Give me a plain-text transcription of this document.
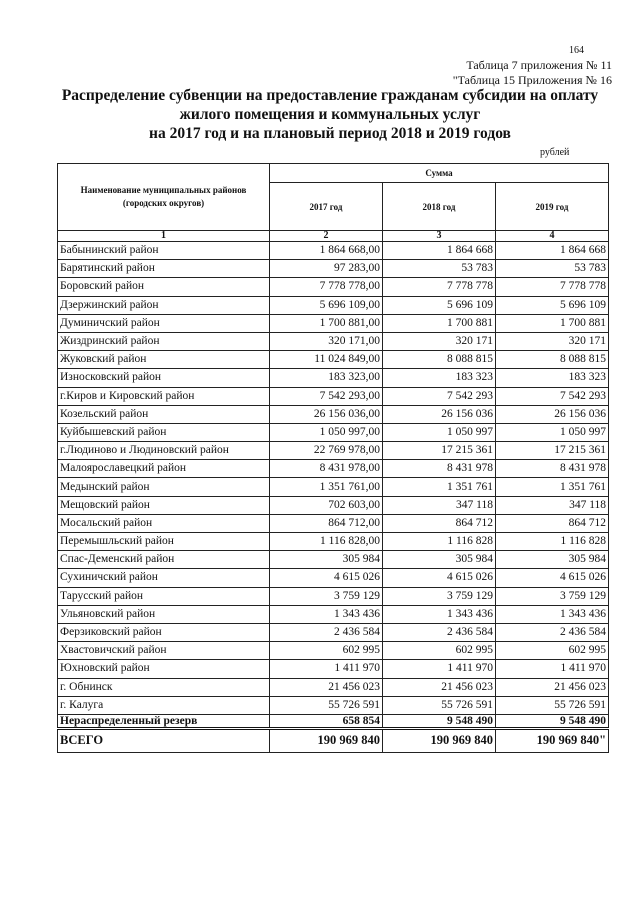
164
Таблица 7 приложения № 11
"Таблица 15 Приложения № 16
Распределение субвенции на предоставление гражданам субсидии на оплату
жилого помещения и коммунальных услуг
на 2017 год и на плановый период 2018 и 2019 годов
рублей
Наименование муниципальных районов (городских округов)	Сумма		
	2017 год	2018 год	2019 год
1	2	3	4
Бабынинский район	1 864 668,00	1 864 668	1 864 668
Барятинский район	97 283,00	53 783	53 783
Боровский район	7 778 778,00	7 778 778	7 778 778
Дзержинский район	5 696 109,00	5 696 109	5 696 109
Думиничский район	1 700 881,00	1 700 881	1 700 881
Жиздринский район	320 171,00	320 171	320 171
Жуковский район	11 024 849,00	8 088 815	8 088 815
Износковский район	183 323,00	183 323	183 323
г.Киров и Кировский район	7 542 293,00	7 542 293	7 542 293
Козельский район	26 156 036,00	26 156 036	26 156 036
Куйбышевский район	1 050 997,00	1 050 997	1 050 997
г.Людиново и Людиновский район	22 769 978,00	17 215 361	17 215 361
Малоярославецкий район	8 431 978,00	8 431 978	8 431 978
Медынский район	1 351 761,00	1 351 761	1 351 761
Мещовский район	702 603,00	347 118	347 118
Мосальский район	864 712,00	864 712	864 712
Перемышльский район	1 116 828,00	1 116 828	1 116 828
Спас-Деменский район	305 984	305 984	305 984
Сухиничский район	4 615 026	4 615 026	4 615 026
Тарусский район	3 759 129	3 759 129	3 759 129
Ульяновский район	1 343 436	1 343 436	1 343 436
Ферзиковский район	2 436 584	2 436 584	2 436 584
Хвастовичский район	602 995	602 995	602 995
Юхновский район	1 411 970	1 411 970	1 411 970
г. Обнинск	21 456 023	21 456 023	21 456 023
г. Калуга	55 726 591	55 726 591	55 726 591
Нераспределенный резерв	658 854	9 548 490	9 548 490
ВСЕГО	190 969 840	190 969 840	190 969 840"
